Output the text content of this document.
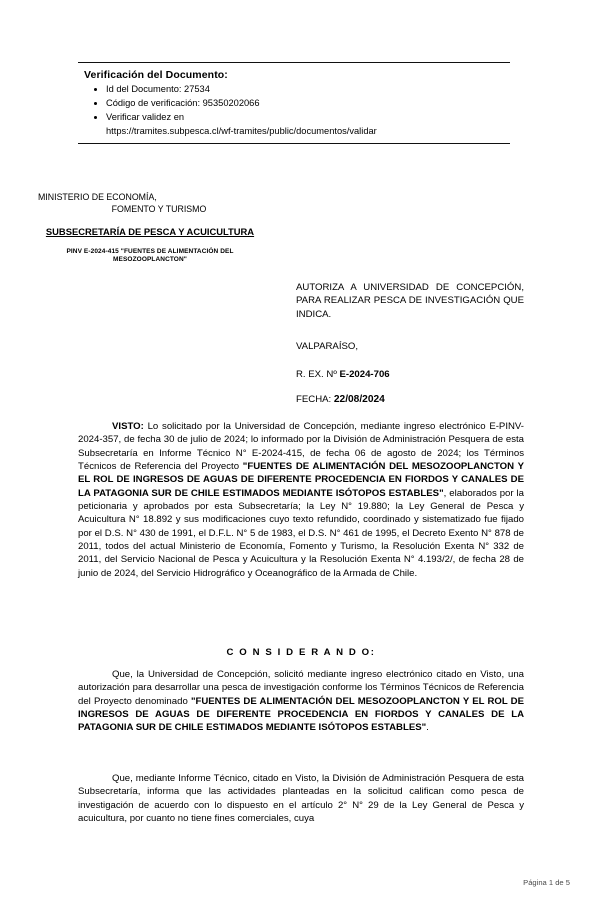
Verificación del Documento:
• Id del Documento: 27534
• Código de verificación: 95350202066
• Verificar validez en
https://tramites.subpesca.cl/wf-tramites/public/documentos/validar
MINISTERIO DE ECONOMÍA,
FOMENTO Y TURISMO
SUBSECRETARÍA DE PESCA Y ACUICULTURA
PINV E-2024-415 "FUENTES DE ALIMENTACIÓN DEL MESOZOOPLANCTON"
AUTORIZA A UNIVERSIDAD DE CONCEPCIÓN, PARA REALIZAR PESCA DE INVESTIGACIÓN QUE INDICA.
VALPARAÍSO,
R. EX. Nº E-2024-706
FECHA: 22/08/2024
VISTO: Lo solicitado por la Universidad de Concepción, mediante ingreso electrónico E-PINV-2024-357, de fecha 30 de julio de 2024; lo informado por la División de Administración Pesquera de esta Subsecretaría en Informe Técnico N° E-2024-415, de fecha 06 de agosto de 2024; los Términos Técnicos de Referencia del Proyecto "FUENTES DE ALIMENTACIÓN DEL MESOZOOPLANCTON Y EL ROL DE INGRESOS DE AGUAS DE DIFERENTE PROCEDENCIA EN FIORDOS Y CANALES DE LA PATAGONIA SUR DE CHILE ESTIMADOS MEDIANTE ISÓTOPOS ESTABLES", elaborados por la peticionaria y aprobados por esta Subsecretaría; la Ley N° 19.880; la Ley General de Pesca y Acuicultura N° 18.892 y sus modificaciones cuyo texto refundido, coordinado y sistematizado fue fijado por el D.S. N° 430 de 1991, el D.F.L. N° 5 de 1983, el D.S. N° 461 de 1995, el Decreto Exento N° 878 de 2011, todos del actual Ministerio de Economía, Fomento y Turismo, la Resolución Exenta N° 332 de 2011, del Servicio Nacional de Pesca y Acuicultura y la Resolución Exenta N° 4.193/2/, de fecha 28 de junio de 2024, del Servicio Hidrográfico y Oceanográfico de la Armada de Chile.
C O N S I D E R A N D O:
Que, la Universidad de Concepción, solicitó mediante ingreso electrónico citado en Visto, una autorización para desarrollar una pesca de investigación conforme los Términos Técnicos de Referencia del Proyecto denominado "FUENTES DE ALIMENTACIÓN DEL MESOZOOPLANCTON Y EL ROL DE INGRESOS DE AGUAS DE DIFERENTE PROCEDENCIA EN FIORDOS Y CANALES DE LA PATAGONIA SUR DE CHILE ESTIMADOS MEDIANTE ISÓTOPOS ESTABLES".
Que, mediante Informe Técnico, citado en Visto, la División de Administración Pesquera de esta Subsecretaría, informa que las actividades planteadas en la solicitud califican como pesca de investigación de acuerdo con lo dispuesto en el artículo 2° N° 29 de la Ley General de Pesca y acuicultura, por cuanto no tiene fines comerciales, cuya
Página 1 de 5
